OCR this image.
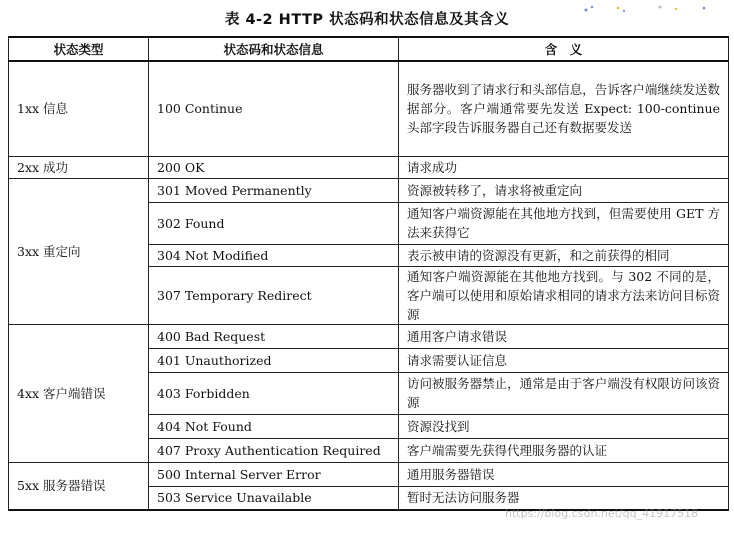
表 4-2 HTTP 状态码和状态信息及其含义
状态类型	状态码和状态信息	含　义
1xx 信息	100 Continue	服务器收到了请求行和头部信息，告诉客户端继续发送数据部分。客户端通常要先发送 Expect: 100-continue 头部字段告诉服务器自己还有数据要发送
2xx 成功	200 OK	请求成功
3xx 重定向	301 Moved Permanently	资源被转移了，请求将被重定向
	302 Found	通知客户端资源能在其他地方找到，但需要使用 GET 方法来获得它
	304 Not Modified	表示被申请的资源没有更新，和之前获得的相同
	307 Temporary Redirect	通知客户端资源能在其他地方找到。与 302 不同的是，客户端可以使用和原始请求相同的请求方法来访问目标资源
4xx 客户端错误	400 Bad Request	通用客户请求错误
	401 Unauthorized	请求需要认证信息
	403 Forbidden	访问被服务器禁止，通常是由于客户端没有权限访问该资源
	404 Not Found	资源没找到
	407 Proxy Authentication Required	客户端需要先获得代理服务器的认证
5xx 服务器错误	500 Internal Server Error	通用服务器错误
	503 Service Unavailable	暂时无法访问服务器
https://blog.csdn.net/qq_41917518
